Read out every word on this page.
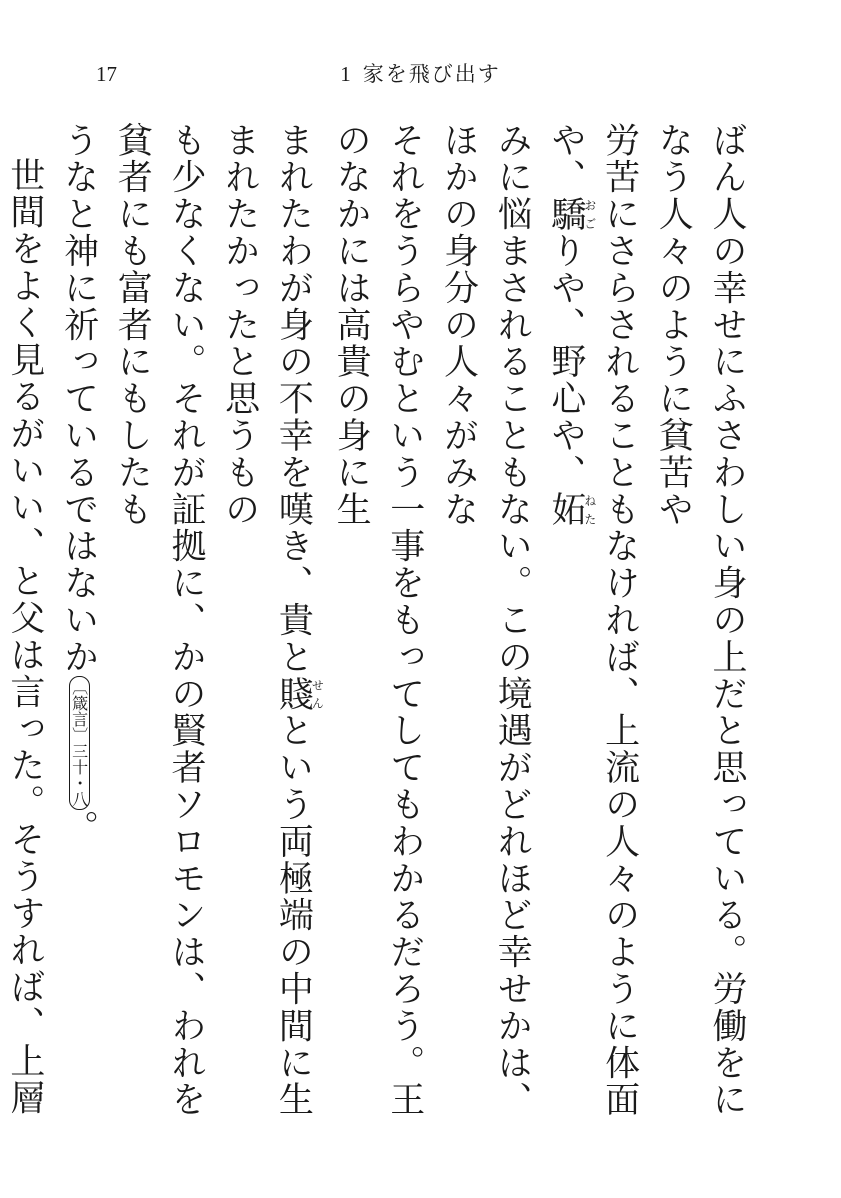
17	1 家を飛び出す

ばん人の幸せにふさわしい身の上だと思っている。労働をになう人々のように貧苦や
労苦にさらされることもなければ、上流の人々のように体面や、驕おごりや、野心や、妬ねた
みに悩まされることもない。この境遇がどれほど幸せかは、ほかの身分の人々がみな
それをうらやむという一事をもってしてもわかるだろう。王のなかには高貴の身に生
まれたわが身の不幸を嘆き、貴と賤せんという両極端の中間に生まれたかったと思うもの
も少なくない。それが証拠に、かの賢者ソロモンは、われを貧者にも富者にもしたも
うなと神に祈っているではないか〔箴言〕三十・八。

世間をよく見るがいい、と父は言った。そうすれば、上層
